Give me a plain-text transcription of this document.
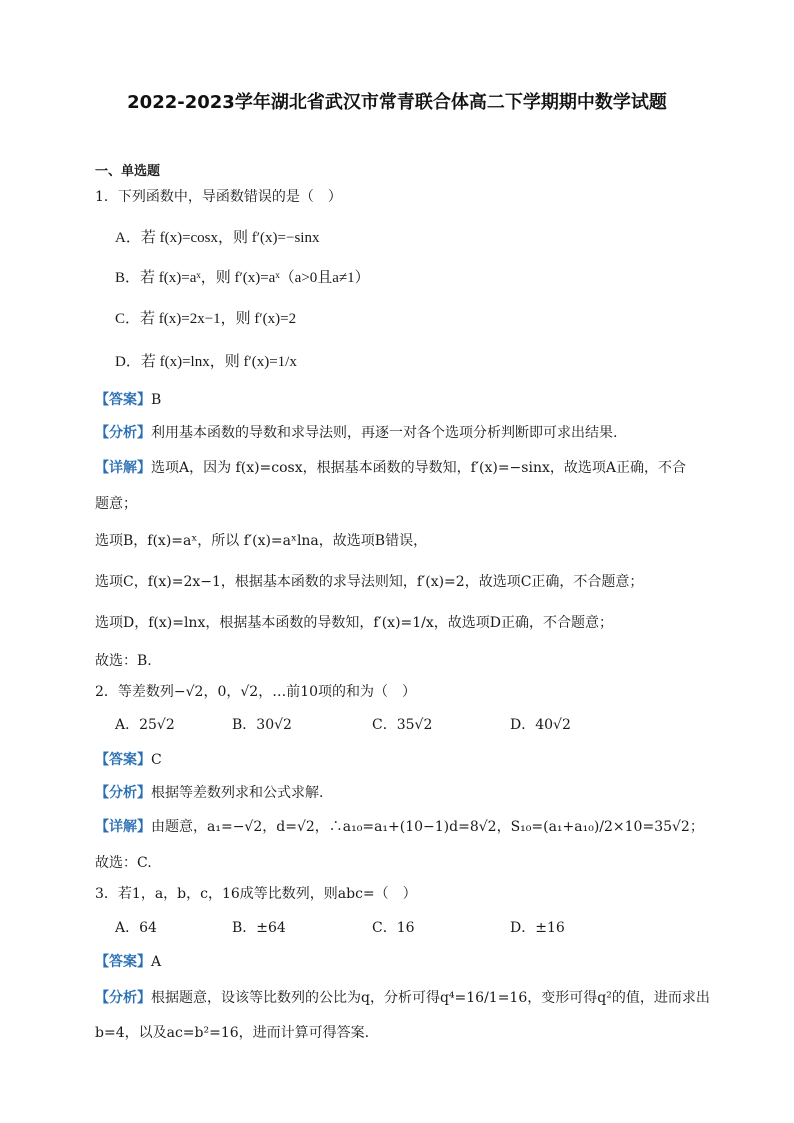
2022-2023学年湖北省武汉市常青联合体高二下学期期中数学试题
一、单选题
1．下列函数中，导函数错误的是（　）
A．若 f(x)=cosx，则 f′(x)=−sinx
B．若 f(x)=aˣ，则 f′(x)=aˣ（a>0且a≠1）
C．若 f(x)=2x−1，则 f′(x)=2
D．若 f(x)=lnx，则 f′(x)=1/x
【答案】B
【分析】利用基本函数的导数和求导法则，再逐一对各个选项分析判断即可求出结果.
【详解】选项A，因为 f(x)=cosx，根据基本函数的导数知，f′(x)=−sinx，故选项A正确，不合
题意；
选项B，f(x)=aˣ，所以 f′(x)=aˣlna，故选项B错误，
选项C，f(x)=2x−1，根据基本函数的求导法则知，f′(x)=2，故选项C正确，不合题意；
选项D，f(x)=lnx，根据基本函数的导数知，f′(x)=1/x，故选项D正确，不合题意；
故选：B.
2．等差数列−√2，0，√2，…前10项的和为（　）
A．25√2	B．30√2	C．35√2	D．40√2
【答案】C
【分析】根据等差数列求和公式求解.
【详解】由题意，a₁=−√2，d=√2，∴a₁₀=a₁+(10−1)d=8√2，S₁₀=(a₁+a₁₀)/2×10=35√2；
故选：C.
3．若1，a，b，c，16成等比数列，则abc=（　）
A．64	B．±64	C．16	D．±16
【答案】A
【分析】根据题意，设该等比数列的公比为q，分析可得q⁴=16/1=16，变形可得q²的值，进而求出
b=4，以及ac=b²=16，进而计算可得答案.
